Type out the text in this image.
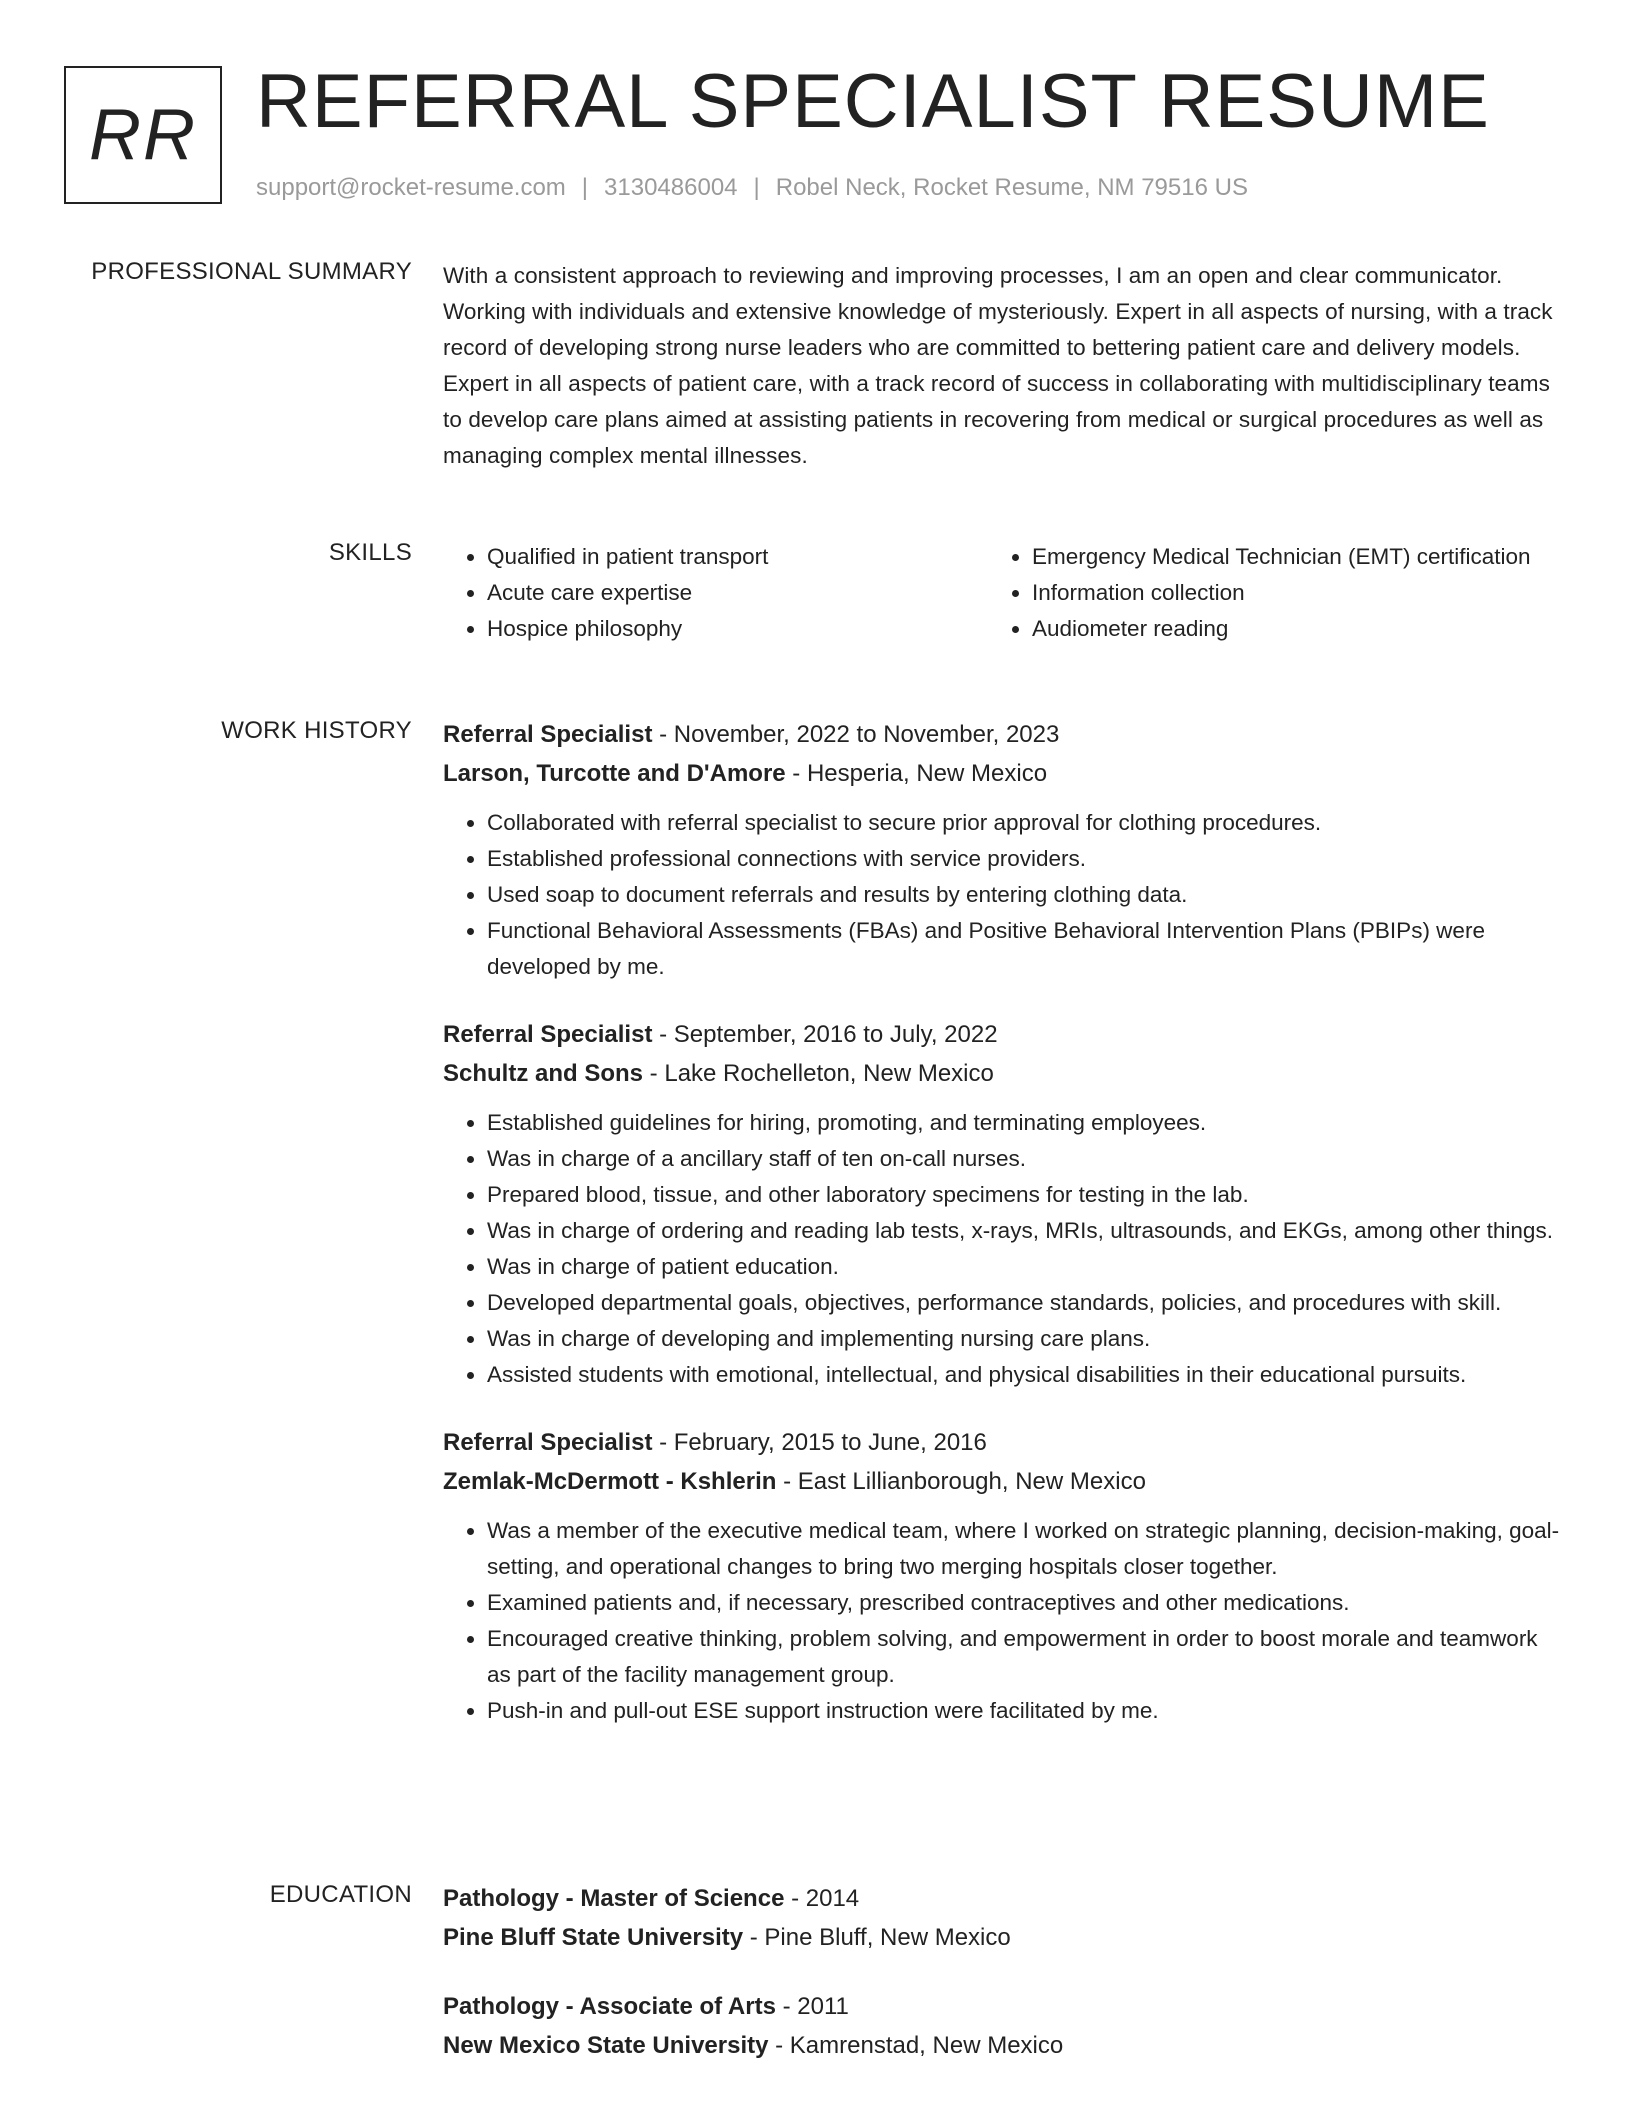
RR REFERRAL SPECIALIST RESUME
support@rocket-resume.com | 3130486004 | Robel Neck, Rocket Resume, NM 79516 US
PROFESSIONAL SUMMARY With a consistent approach to reviewing and improving processes, I am an open and clear communicator. Working with individuals and extensive knowledge of mysteriously. Expert in all aspects of nursing, with a track record of developing strong nurse leaders who are committed to bettering patient care and delivery models. Expert in all aspects of patient care, with a track record of success in collaborating with multidisciplinary teams to develop care plans aimed at assisting patients in recovering from medical or surgical procedures as well as managing complex mental illnesses.

SKILLS
•	Qualified in patient transport
• Acute care expertise
• Hospice philosophy
• Emergency Medical Technician (EMT) certification
• Information collection
• Audiometer reading
WORK HISTORY Referral Specialist - November, 2022 to November, 2023
Larson, Turcotte and D'Amore - Hesperia, New Mexico
• Collaborated with referral specialist to secure prior approval for clothing procedures.
• Established professional connections with service providers.
• Used soap to document referrals and results by entering clothing data.
• Functional Behavioral Assessments (FBAs) and Positive Behavioral Intervention Plans (PBIPs) were developed by me.
Referral Specialist - September, 2016 to July, 2022
Schultz and Sons - Lake Rochelleton, New Mexico
• Established guidelines for hiring, promoting, and terminating employees.
• Was in charge of a ancillary staff of ten on-call nurses.
• Prepared blood, tissue, and other laboratory specimens for testing in the lab.
• Was in charge of ordering and reading lab tests, x-rays, MRIs, ultrasounds, and EKGs, among other things.
• Was in charge of patient education.
• Developed departmental goals, objectives, performance standards, policies, and procedures with skill.
• Was in charge of developing and implementing nursing care plans.
• Assisted students with emotional, intellectual, and physical disabilities in their educational pursuits.
Referral Specialist - February, 2015 to June, 2016
Zemlak-McDermott - Kshlerin - East Lillianborough, New Mexico
• Was a member of the executive medical team, where I worked on strategic planning, decision-making, goal-setting, and operational changes to bring two merging hospitals closer together.
• Examined patients and, if necessary, prescribed contraceptives and other medications.
• Encouraged creative thinking, problem solving, and empowerment in order to boost morale and teamwork as part of the facility management group.
• Push-in and pull-out ESE support instruction were facilitated by me.
EDUCATION Pathology - Master of Science - 2014
Pine Bluff State University - Pine Bluff, New Mexico
Pathology - Associate of Arts - 2011
New Mexico State University - Kamrenstad, New Mexico
